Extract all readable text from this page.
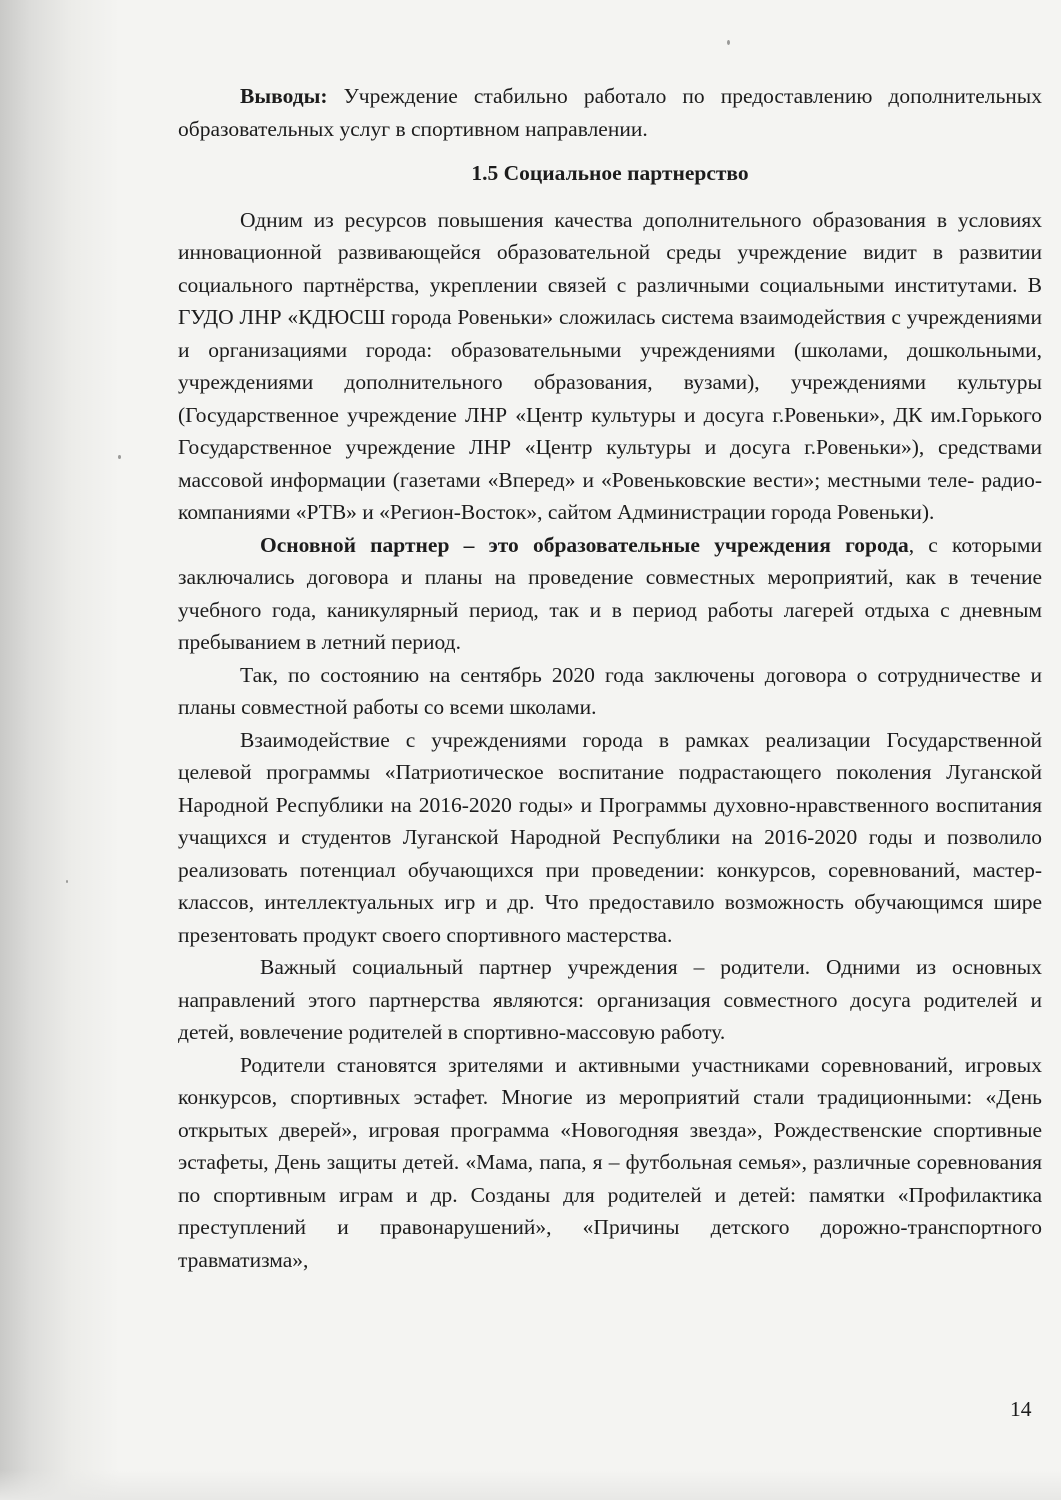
Выводы: Учреждение стабильно работало по предоставлению дополнительных образовательных услуг в спортивном направлении.

1.5 Социальное партнерство

Одним из ресурсов повышения качества дополнительного образования в условиях инновационной развивающейся образовательной среды учреждение видит в развитии социального партнёрства, укреплении связей с различными социальными институтами. В ГУДО ЛНР «КДЮСШ города Ровеньки» сложилась система взаимодействия с учреждениями и организациями города: образовательными учреждениями (школами, дошкольными, учреждениями дополнительного образования, вузами), учреждениями культуры (Государственное учреждение ЛНР «Центр культуры и досуга г.Ровеньки», ДК им.Горького Государственное учреждение ЛНР «Центр культуры и досуга г.Ровеньки»), средствами массовой информации (газетами «Вперед» и «Ровеньковские вести»; местными теле- радио- компаниями «РТВ» и «Регион-Восток», сайтом Администрации города Ровеньки).

Основной партнер – это образовательные учреждения города, с которыми заключались договора и планы на проведение совместных мероприятий, как в течение учебного года, каникулярный период, так и в период работы лагерей отдыха с дневным пребыванием в летний период.

Так, по состоянию на сентябрь 2020 года заключены договора о сотрудничестве и планы совместной работы со всеми школами.

Взаимодействие с учреждениями города в рамках реализации Государственной целевой программы «Патриотическое воспитание подрастающего поколения Луганской Народной Республики на 2016-2020 годы» и Программы духовно-нравственного воспитания учащихся и студентов Луганской Народной Республики на 2016-2020 годы и позволило реализовать потенциал обучающихся при проведении: конкурсов, соревнований, мастер-классов, интеллектуальных игр и др. Что предоставило возможность обучающимся шире презентовать продукт своего спортивного мастерства.

Важный социальный партнер учреждения – родители. Одними из основных направлений этого партнерства являются: организация совместного досуга родителей и детей, вовлечение родителей в спортивно-массовую работу.

Родители становятся зрителями и активными участниками соревнований, игровых конкурсов, спортивных эстафет. Многие из мероприятий стали традиционными: «День открытых дверей», игровая программа «Новогодняя звезда», Рождественские спортивные эстафеты, День защиты детей. «Мама, папа, я – футбольная семья», различные соревнования по спортивным играм и др. Созданы для родителей и детей: памятки «Профилактика преступлений и правонарушений», «Причины детского дорожно-транспортного травматизма»,

14
